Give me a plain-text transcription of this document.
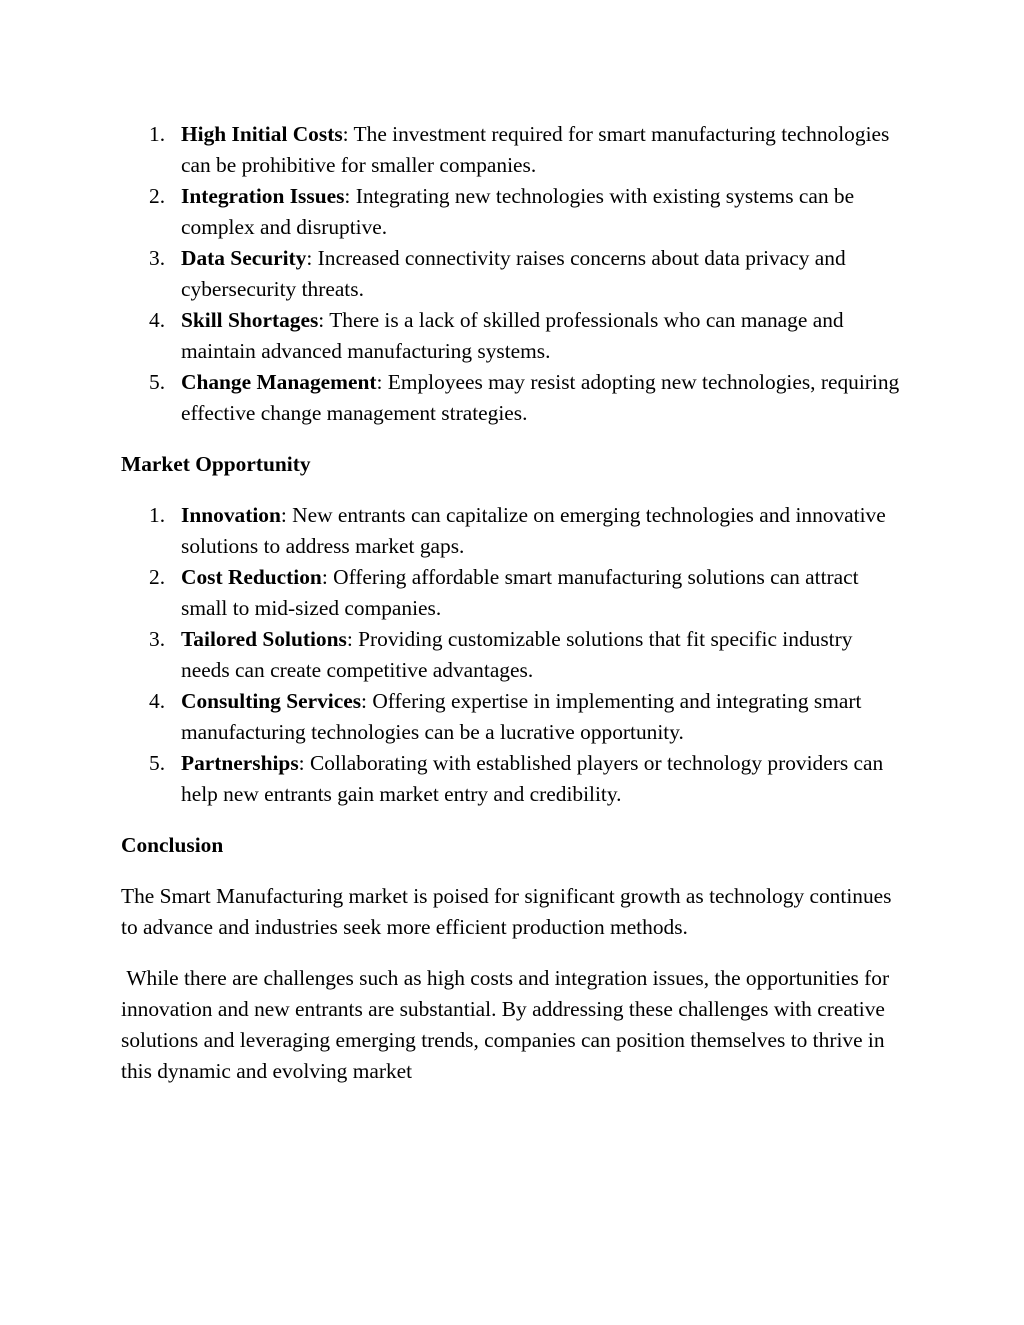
1. High Initial Costs: The investment required for smart manufacturing technologies can be prohibitive for smaller companies.
2. Integration Issues: Integrating new technologies with existing systems can be complex and disruptive.
3. Data Security: Increased connectivity raises concerns about data privacy and cybersecurity threats.
4. Skill Shortages: There is a lack of skilled professionals who can manage and maintain advanced manufacturing systems.
5. Change Management: Employees may resist adopting new technologies, requiring effective change management strategies.
Market Opportunity
1. Innovation: New entrants can capitalize on emerging technologies and innovative solutions to address market gaps.
2. Cost Reduction: Offering affordable smart manufacturing solutions can attract small to mid-sized companies.
3. Tailored Solutions: Providing customizable solutions that fit specific industry needs can create competitive advantages.
4. Consulting Services: Offering expertise in implementing and integrating smart manufacturing technologies can be a lucrative opportunity.
5. Partnerships: Collaborating with established players or technology providers can help new entrants gain market entry and credibility.
Conclusion

The Smart Manufacturing market is poised for significant growth as technology continues to advance and industries seek more efficient production methods.

While there are challenges such as high costs and integration issues, the opportunities for innovation and new entrants are substantial. By addressing these challenges with creative solutions and leveraging emerging trends, companies can position themselves to thrive in this dynamic and evolving market
